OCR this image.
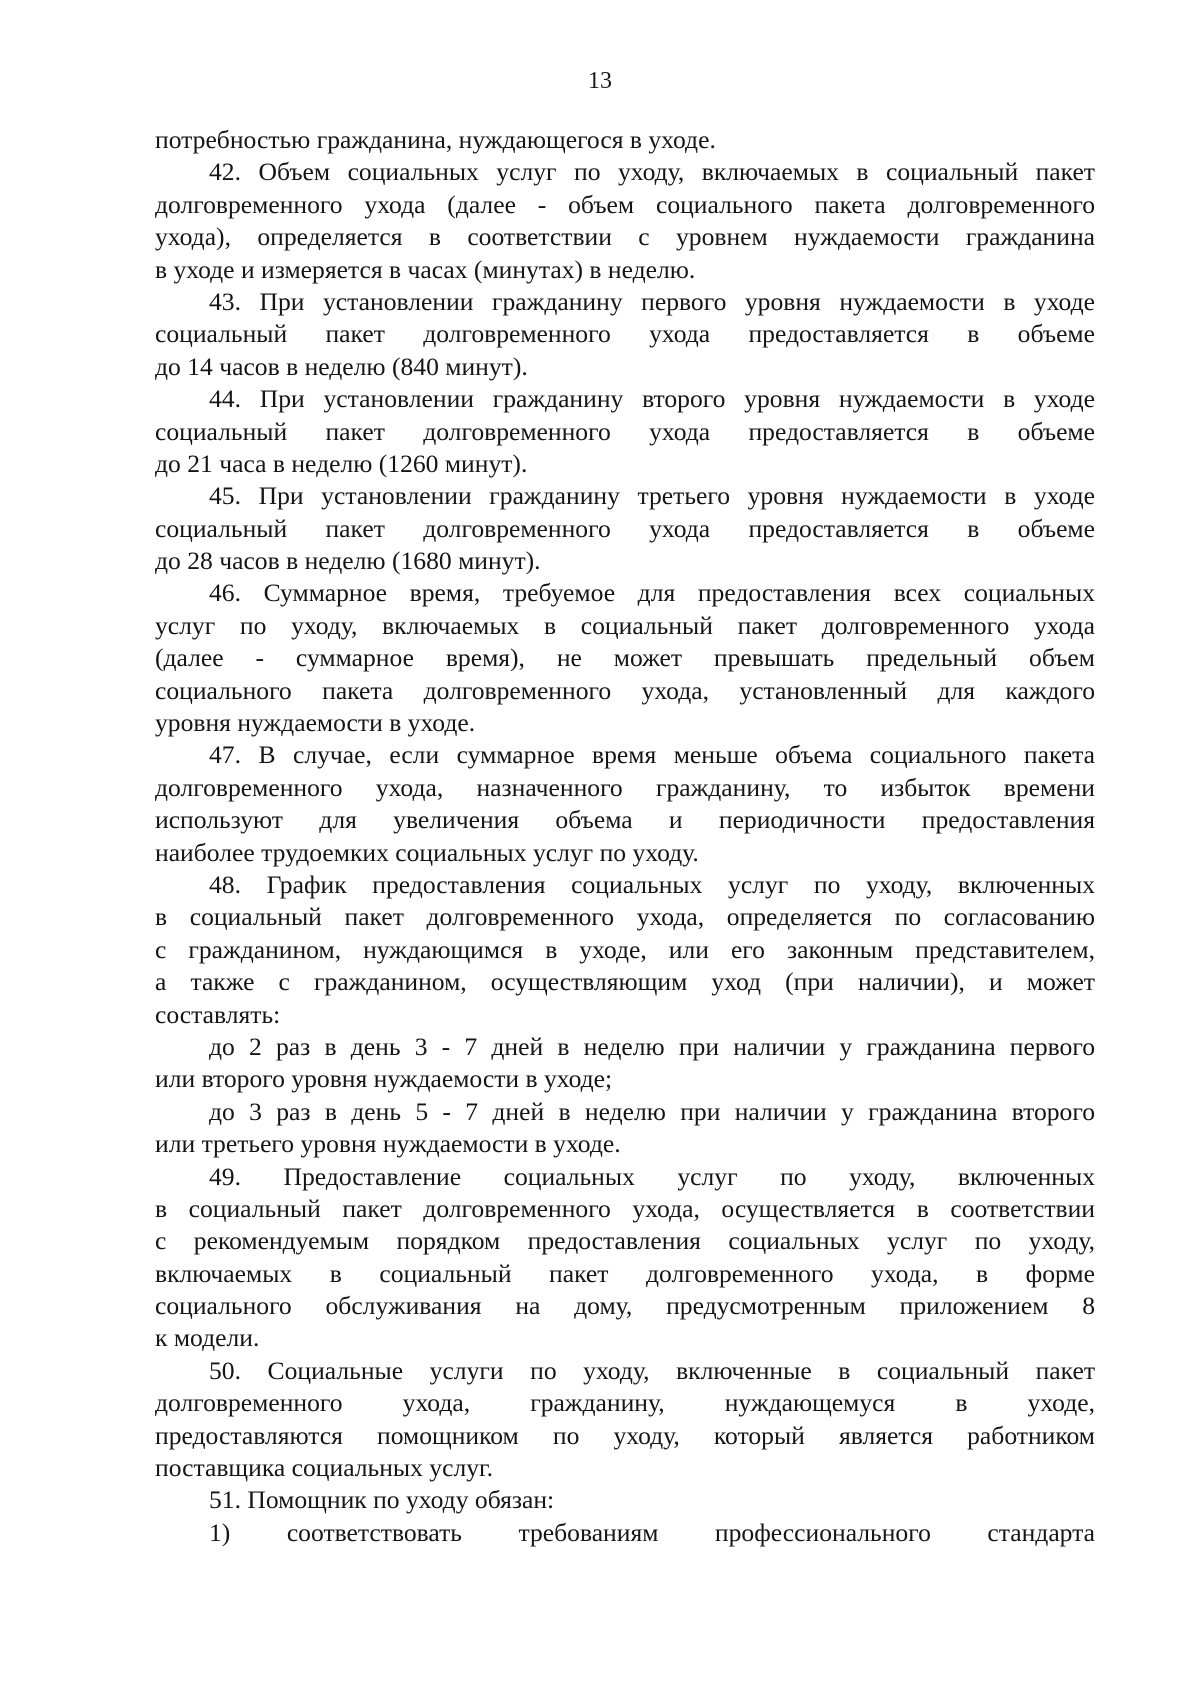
13
потребностью гражданина, нуждающегося в уходе.
42. Объем социальных услуг по уходу, включаемых в социальный пакет
долговременного ухода (далее - объем социального пакета долговременного
ухода), определяется в соответствии с уровнем нуждаемости гражданина
в уходе и измеряется в часах (минутах) в неделю.
43. При установлении гражданину первого уровня нуждаемости в уходе
социальный пакет долговременного ухода предоставляется в объеме
до 14 часов в неделю (840 минут).
44. При установлении гражданину второго уровня нуждаемости в уходе
социальный пакет долговременного ухода предоставляется в объеме
до 21 часа в неделю (1260 минут).
45. При установлении гражданину третьего уровня нуждаемости в уходе
социальный пакет долговременного ухода предоставляется в объеме
до 28 часов в неделю (1680 минут).
46. Суммарное время, требуемое для предоставления всех социальных
услуг по уходу, включаемых в социальный пакет долговременного ухода
(далее - суммарное время), не может превышать предельный объем
социального пакета долговременного ухода, установленный для каждого
уровня нуждаемости в уходе.
47. В случае, если суммарное время меньше объема социального пакета
долговременного ухода, назначенного гражданину, то избыток времени
используют для увеличения объема и периодичности предоставления
наиболее трудоемких социальных услуг по уходу.
48. График предоставления социальных услуг по уходу, включенных
в социальный пакет долговременного ухода, определяется по согласованию
с гражданином, нуждающимся в уходе, или его законным представителем,
а также с гражданином, осуществляющим уход (при наличии), и может
составлять:
до 2 раз в день 3 - 7 дней в неделю при наличии у гражданина первого
или второго уровня нуждаемости в уходе;
до 3 раз в день 5 - 7 дней в неделю при наличии у гражданина второго
или третьего уровня нуждаемости в уходе.
49. Предоставление социальных услуг по уходу, включенных
в социальный пакет долговременного ухода, осуществляется в соответствии
с рекомендуемым порядком предоставления социальных услуг по уходу,
включаемых в социальный пакет долговременного ухода, в форме
социального обслуживания на дому, предусмотренным приложением 8
к модели.
50. Социальные услуги по уходу, включенные в социальный пакет
долговременного ухода, гражданину, нуждающемуся в уходе,
предоставляются помощником по уходу, который является работником
поставщика социальных услуг.
51. Помощник по уходу обязан:
1) соответствовать требованиям профессионального стандарта
